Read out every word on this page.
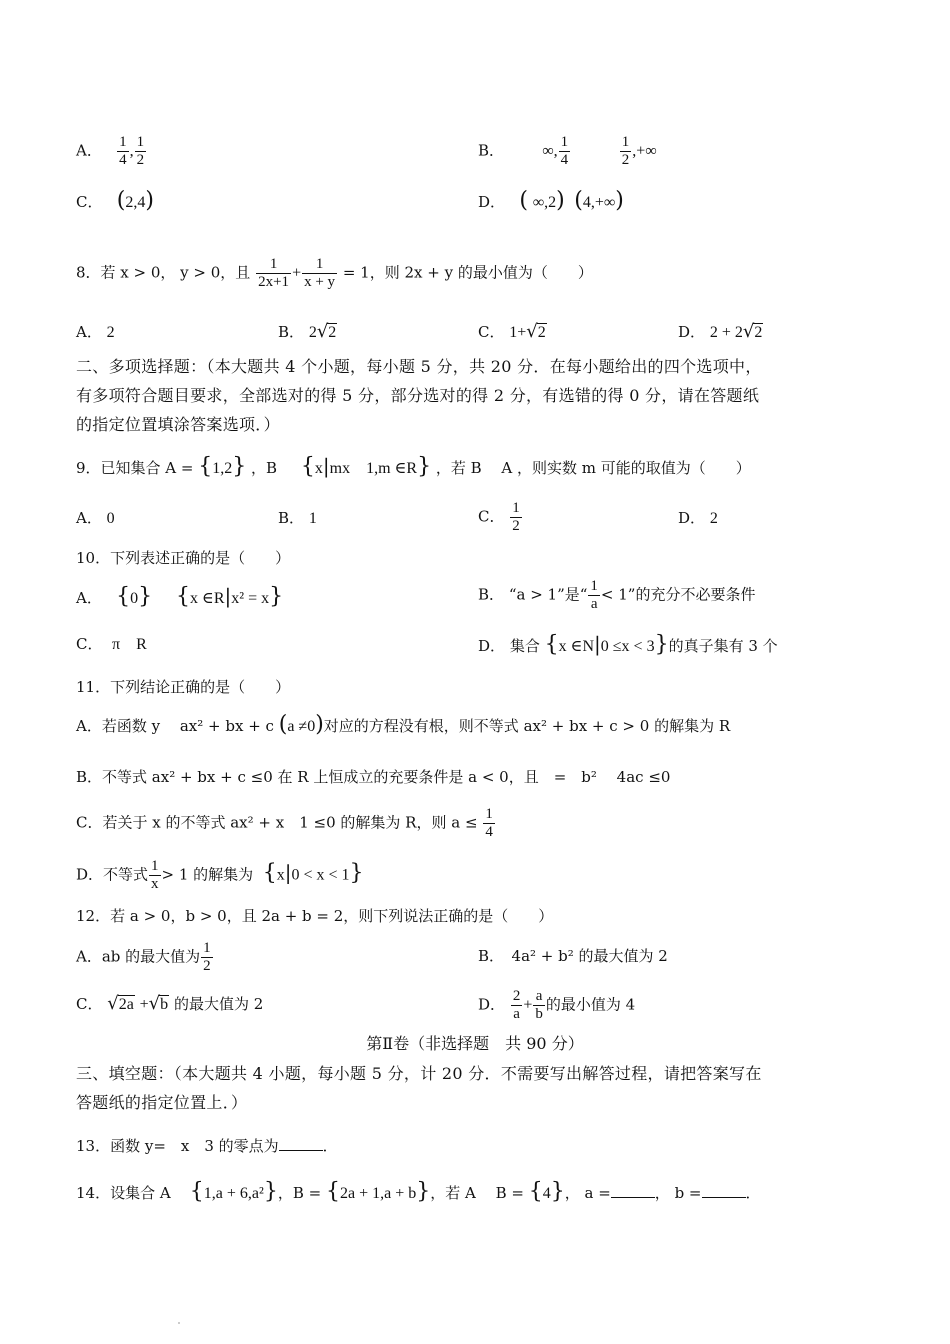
A． $\frac{1}{4}$ , $\frac{1}{2}$	B． ∞, $\frac{1}{4}$
	$\frac{1}{2}$ ,+∞
C． (2,4)	D． ( ∞,2) (4,+∞)
8．若 x > 0， y > 0，且 $\frac{1}{2x+1} + \frac{1}{x + y} = 1$，则 2x + y 的最小值为（　　）
A． 2	B． 2√2	C． 1+√2	D． 2 + 2√2
二、多项选择题：（本大题共 4 个小题，每小题 5 分，共 20 分．在每小题给出的四个选项中，
有多项符合题目要求，全部选对的得 5 分，部分选对的得 2 分，有选错的得 0 分，请在答题纸
的指定位置填涂答案选项．）
9．已知集合 A = {1,2} ，B {x|mx　1,m ∈R} ，若 B　 A ，则实数 m 可能的取值为（　　）
A． 0	B． 1	C． $\frac{1}{2}$	D． 2
10．下列表述正确的是（　　）
A． {0} {x ∈R|x² = x}	B． “a > 1”是“ $\frac{1}{a} < 1$”的充分不必要条件
C． π　R	D． 集合 {x ∈N|0 ≤x < 3}的真子集有 3 个
11．下列结论正确的是（　　）
A．若函数 y　 ax² + bx + c (a ≠0)对应的方程没有根，则不等式 ax² + bx + c > 0 的解集为 R
B．不等式 ax² + bx + c ≤0 在 R 上恒成立的充要条件是 a < 0，且　=　b²　 4ac ≤0
C．若关于 x 的不等式 ax² + x　1 ≤0 的解集为 R，则 $a \le \frac{1}{4}$
D．不等式 $\frac{1}{x} > 1$ 的解集为 {x|0 < x < 1}
12．若 a > 0，b > 0，且 2a + b = 2，则下列说法正确的是（　　）
A．ab 的最大值为 $\frac{1}{2}$	B．　4a² + b² 的最大值为 2
C． √2a +√b 的最大值为 2	D． $\frac{2}{a} + \frac{a}{b}$ 的最小值为 4
第Ⅱ卷（非选择题　共 90 分）
三、填空题：（本大题共 4 小题，每小题 5 分，计 20 分．不需要写出解答过程，请把答案写在
答题纸的指定位置上．）
13．函数 y=　x　3 的零点为	．
14．设集合 A {1,a + 6,a²}，B = {2a + 1,a + b}，若 A　 B = {4}， a =	， b =	．
